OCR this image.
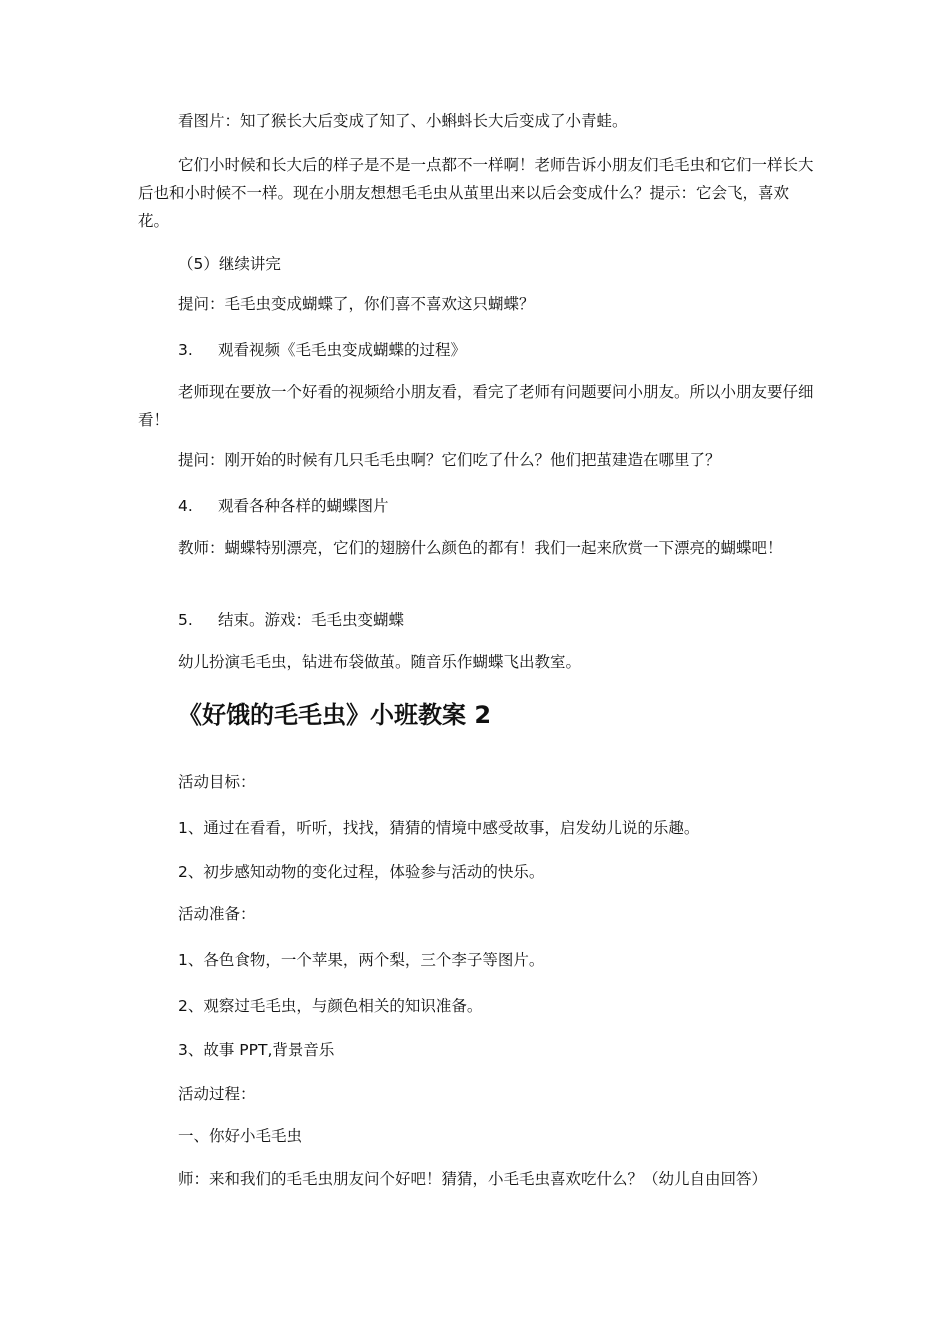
看图片：知了猴长大后变成了知了、小蝌蚪长大后变成了小青蛙。

它们小时候和长大后的样子是不是一点都不一样啊！老师告诉小朋友们毛毛虫和它们一样长大后也和小时候不一样。现在小朋友想想毛毛虫从茧里出来以后会变成什么？提示：它会飞，喜欢花。

（5）继续讲完

提问：毛毛虫变成蝴蝶了，你们喜不喜欢这只蝴蝶？

3. 观看视频《毛毛虫变成蝴蝶的过程》

老师现在要放一个好看的视频给小朋友看，看完了老师有问题要问小朋友。所以小朋友要仔细看！

提问：刚开始的时候有几只毛毛虫啊？它们吃了什么？他们把茧建造在哪里了？

4. 观看各种各样的蝴蝶图片

教师：蝴蝶特别漂亮，它们的翅膀什么颜色的都有！我们一起来欣赏一下漂亮的蝴蝶吧！

5. 结束。游戏：毛毛虫变蝴蝶

幼儿扮演毛毛虫，钻进布袋做茧。随音乐作蝴蝶飞出教室。

《好饿的毛毛虫》小班教案 2

活动目标：

1、通过在看看，听听，找找，猜猜的情境中感受故事，启发幼儿说的乐趣。

2、初步感知动物的变化过程，体验参与活动的快乐。

活动准备：

1、各色食物，一个苹果，两个梨，三个李子等图片。

2、观察过毛毛虫，与颜色相关的知识准备。

3、故事 PPT,背景音乐

活动过程：

一、你好小毛毛虫

师：来和我们的毛毛虫朋友问个好吧！猜猜，小毛毛虫喜欢吃什么？（幼儿自由回答）
